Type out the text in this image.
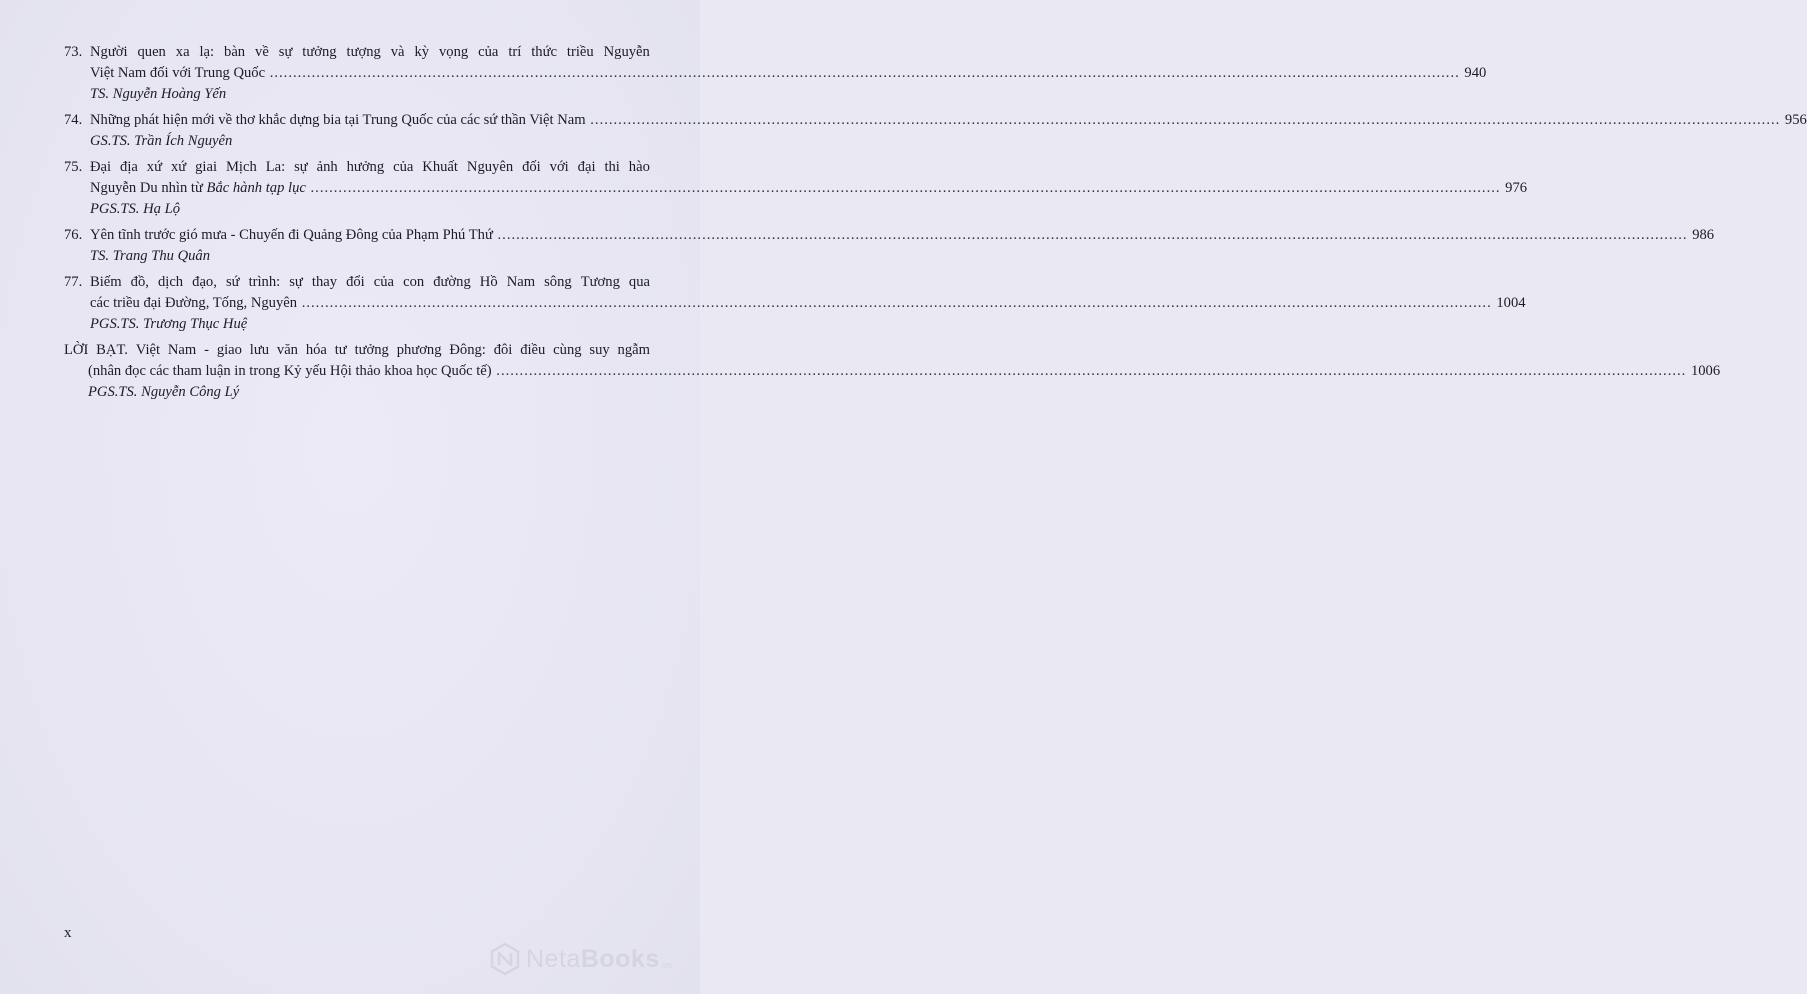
73. Người quen xa lạ: bàn về sự tưởng tượng và kỳ vọng của trí thức triều Nguyễn
Việt Nam đối với Trung Quốc .....	940
TS. Nguyễn Hoàng Yến
74. Những phát hiện mới về thơ khắc dựng bia tại Trung Quốc của các sứ thần Việt Nam .....	956
GS.TS. Trần Ích Nguyên
75. Đại địa xứ xứ giai Mịch La: sự ảnh hưởng của Khuất Nguyên đối với đại thi hào
Nguyễn Du nhìn từ Bắc hành tạp lục .....	976
PGS.TS. Hạ Lộ
76. Yên tĩnh trước gió mưa - Chuyến đi Quảng Đông của Phạm Phú Thứ .....	986
TS. Trang Thu Quân
77. Biếm đồ, dịch đạo, sứ trình: sự thay đổi của con đường Hồ Nam sông Tương qua
các triều đại Đường, Tống, Nguyên .....	1004
PGS.TS. Trương Thục Huệ
LỜI BẠT. Việt Nam - giao lưu văn hóa tư tưởng phương Đông: đôi điều cùng suy ngẫm
(nhân đọc các tham luận in trong Kỷ yếu Hội thảo khoa học Quốc tế) .....	1006
PGS.TS. Nguyễn Công Lý
x
NetaBooks .vn
